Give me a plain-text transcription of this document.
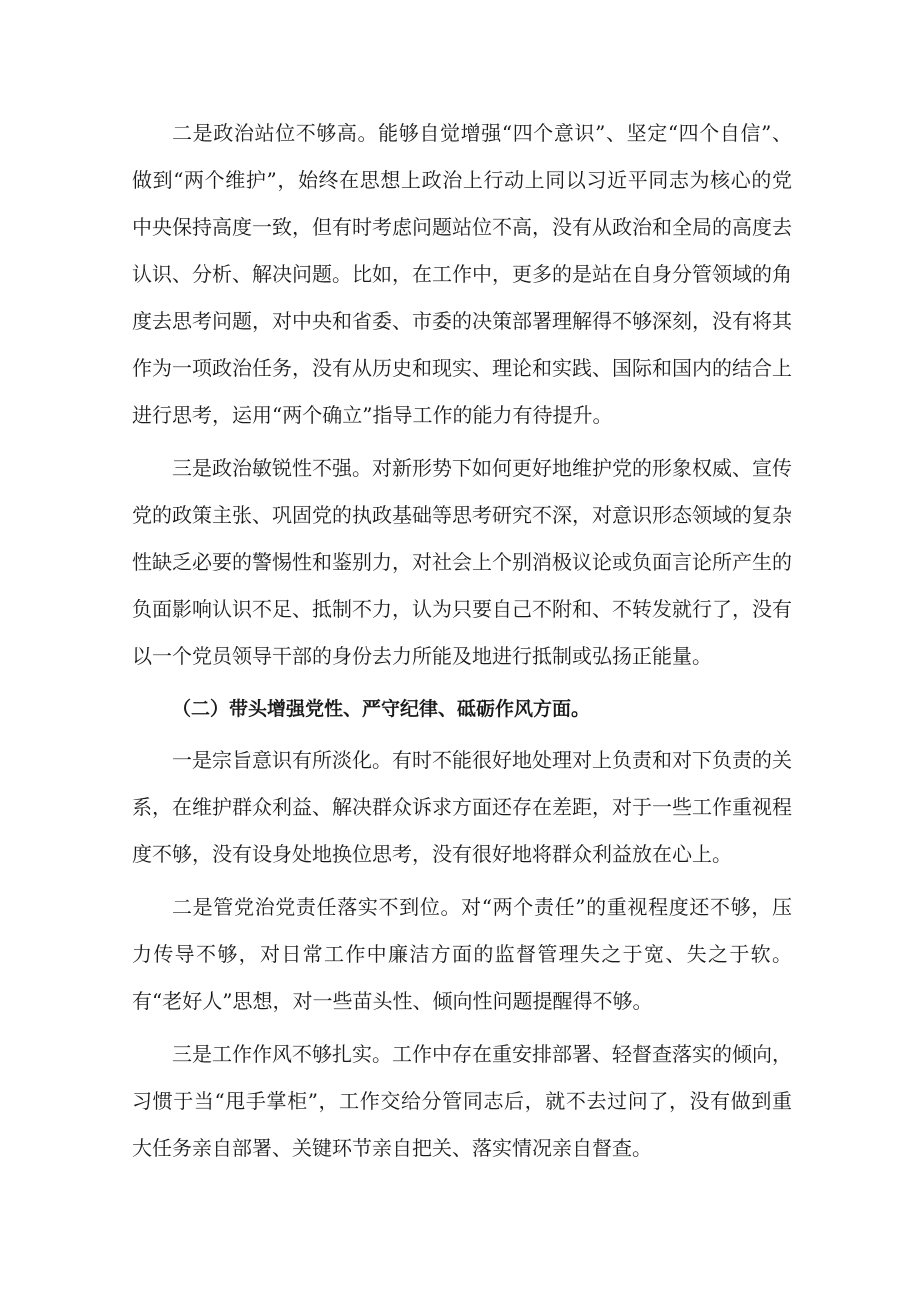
二是政治站位不够高。能够自觉增强“四个意识”、坚定“四个自信”、做到“两个维护”，始终在思想上政治上行动上同以习近平同志为核心的党中央保持高度一致，但有时考虑问题站位不高，没有从政治和全局的高度去认识、分析、解决问题。比如，在工作中，更多的是站在自身分管领域的角度去思考问题，对中央和省委、市委的决策部署理解得不够深刻，没有将其作为一项政治任务，没有从历史和现实、理论和实践、国际和国内的结合上进行思考，运用“两个确立”指导工作的能力有待提升。

三是政治敏锐性不强。对新形势下如何更好地维护党的形象权威、宣传党的政策主张、巩固党的执政基础等思考研究不深，对意识形态领域的复杂性缺乏必要的警惕性和鉴别力，对社会上个别消极议论或负面言论所产生的负面影响认识不足、抵制不力，认为只要自己不附和、不转发就行了，没有以一个党员领导干部的身份去力所能及地进行抵制或弘扬正能量。

（二）带头增强党性、严守纪律、砥砺作风方面。

一是宗旨意识有所淡化。有时不能很好地处理对上负责和对下负责的关系，在维护群众利益、解决群众诉求方面还存在差距，对于一些工作重视程度不够，没有设身处地换位思考，没有很好地将群众利益放在心上。

二是管党治党责任落实不到位。对“两个责任”的重视程度还不够，压力传导不够，对日常工作中廉洁方面的监督管理失之于宽、失之于软。有“老好人”思想，对一些苗头性、倾向性问题提醒得不够。

三是工作作风不够扎实。工作中存在重安排部署、轻督查落实的倾向，习惯于当“甩手掌柜”，工作交给分管同志后，就不去过问了，没有做到重大任务亲自部署、关键环节亲自把关、落实情况亲自督查。
